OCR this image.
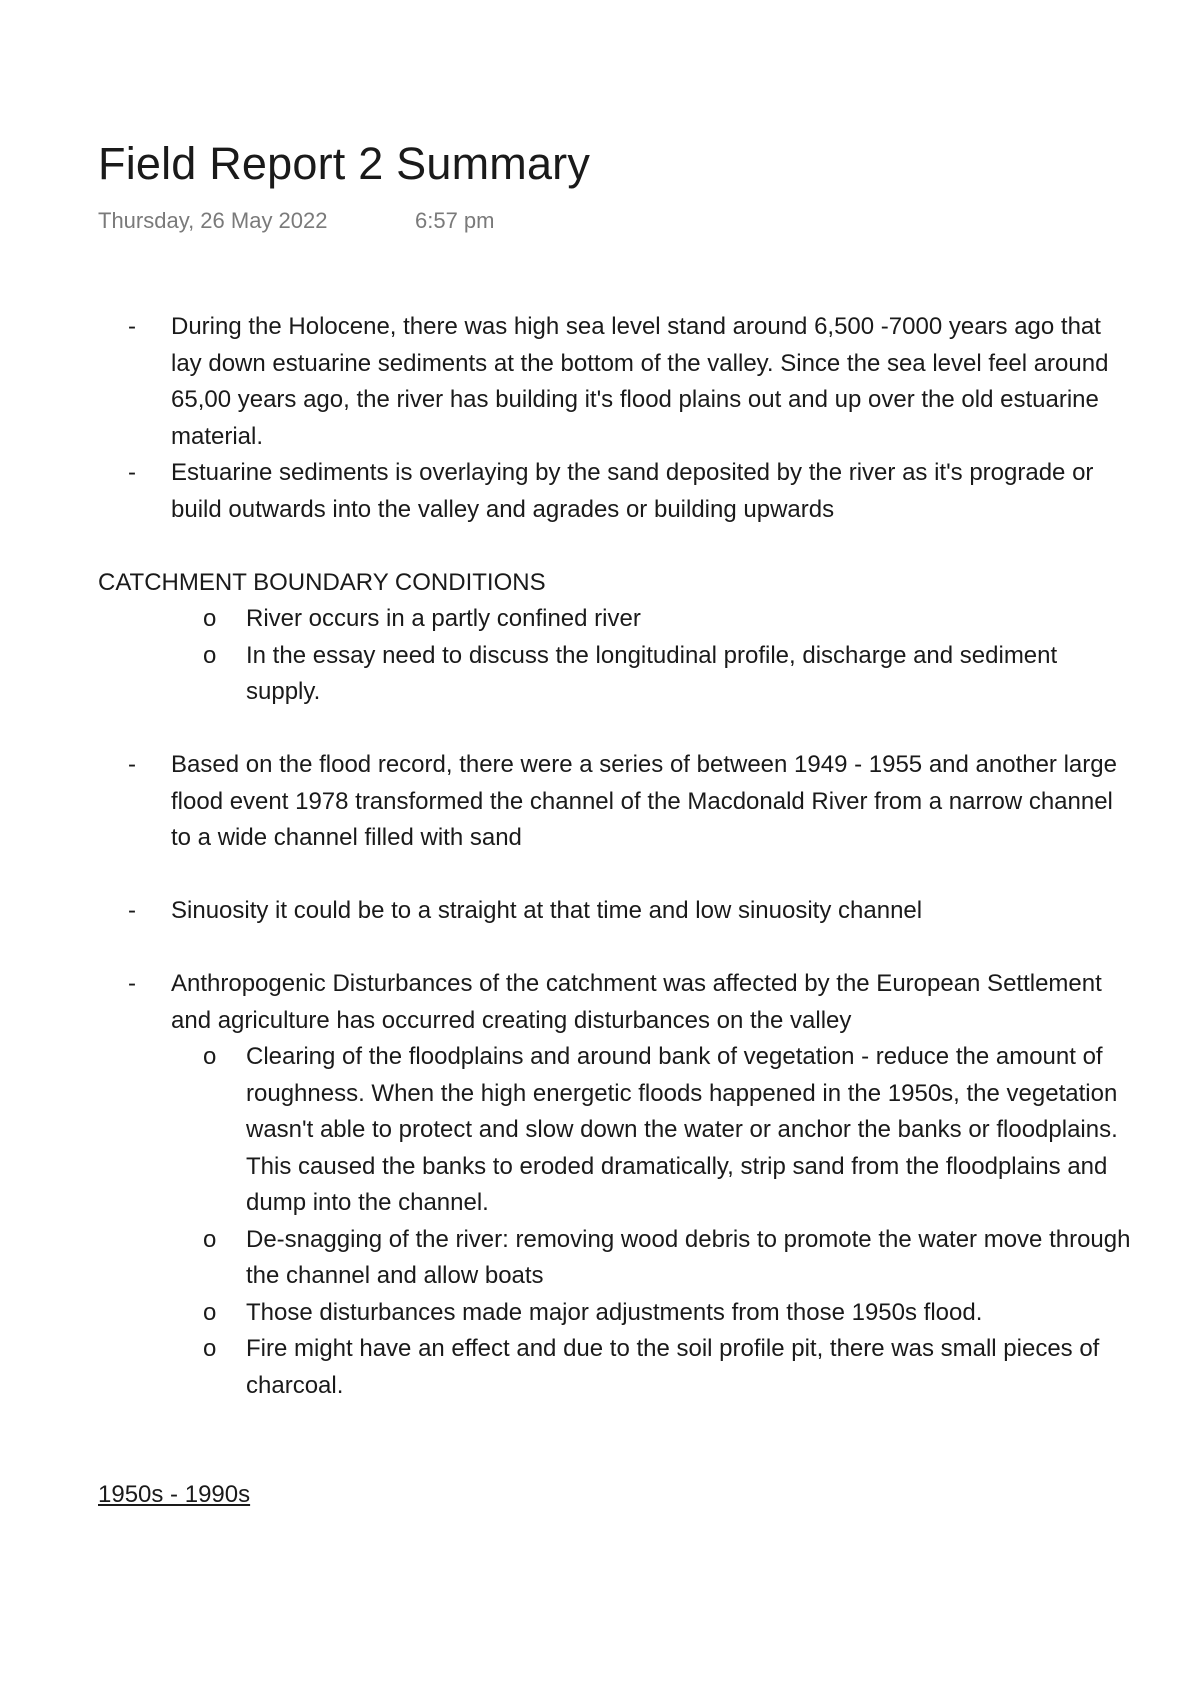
Field Report 2 Summary
Thursday, 26 May 2022	6:57 pm
- During the Holocene, there was high sea level stand around 6,500 -7000 years ago that lay down estuarine sediments at the bottom of the valley. Since the sea level feel around 65,00 years ago, the river has building it's flood plains out and up over the old estuarine material.
- Estuarine sediments is overlaying by the sand deposited by the river as it's prograde or build outwards into the valley and agrades or building upwards

CATCHMENT BOUNDARY CONDITIONS

o River occurs in a partly confined river
o In the essay need to discuss the longitudinal profile, discharge and sediment supply.
- Based on the flood record, there were a series of between 1949 - 1955 and another large flood event 1978 transformed the channel of the Macdonald River from a narrow channel to a wide channel filled with sand
- Sinuosity it could be to a straight at that time and low sinuosity channel
- Anthropogenic Disturbances of the catchment was affected by the European Settlement and agriculture has occurred creating disturbances on the valley
o Clearing of the floodplains and around bank of vegetation - reduce the amount of roughness. When the high energetic floods happened in the 1950s, the vegetation wasn't able to protect and slow down the water or anchor the banks or floodplains. This caused the banks to eroded dramatically, strip sand from the floodplains and dump into the channel.
o De-snagging of the river: removing wood debris to promote the water move through the channel and allow boats
o Those disturbances made major adjustments from those 1950s flood.
o Fire might have an effect and due to the soil profile pit, there was small pieces of charcoal.

1950s - 1990s
